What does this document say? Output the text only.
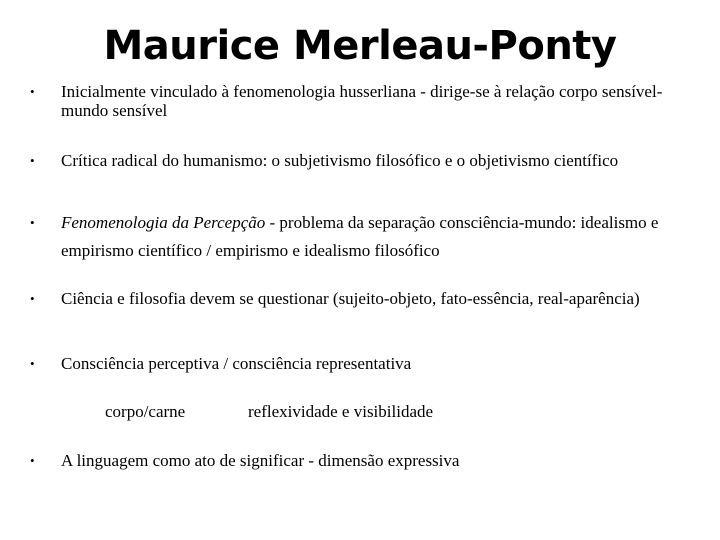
Maurice Merleau-Ponty
•	Inicialmente vinculado à fenomenologia husserliana - dirige-se à relação corpo sensível-mundo sensível
•	Crítica radical do humanismo: o subjetivismo filosófico e o objetivismo científico
•	Fenomenologia da Percepção - problema da separação consciência-mundo: idealismo e empirismo científico / empirismo e idealismo filosófico
•	Ciência e filosofia devem se questionar (sujeito-objeto, fato-essência, real-aparência)
•	Consciência perceptiva / consciência representativa
corpo/carne	reflexividade e visibilidade
•	A linguagem como ato de significar - dimensão expressiva
